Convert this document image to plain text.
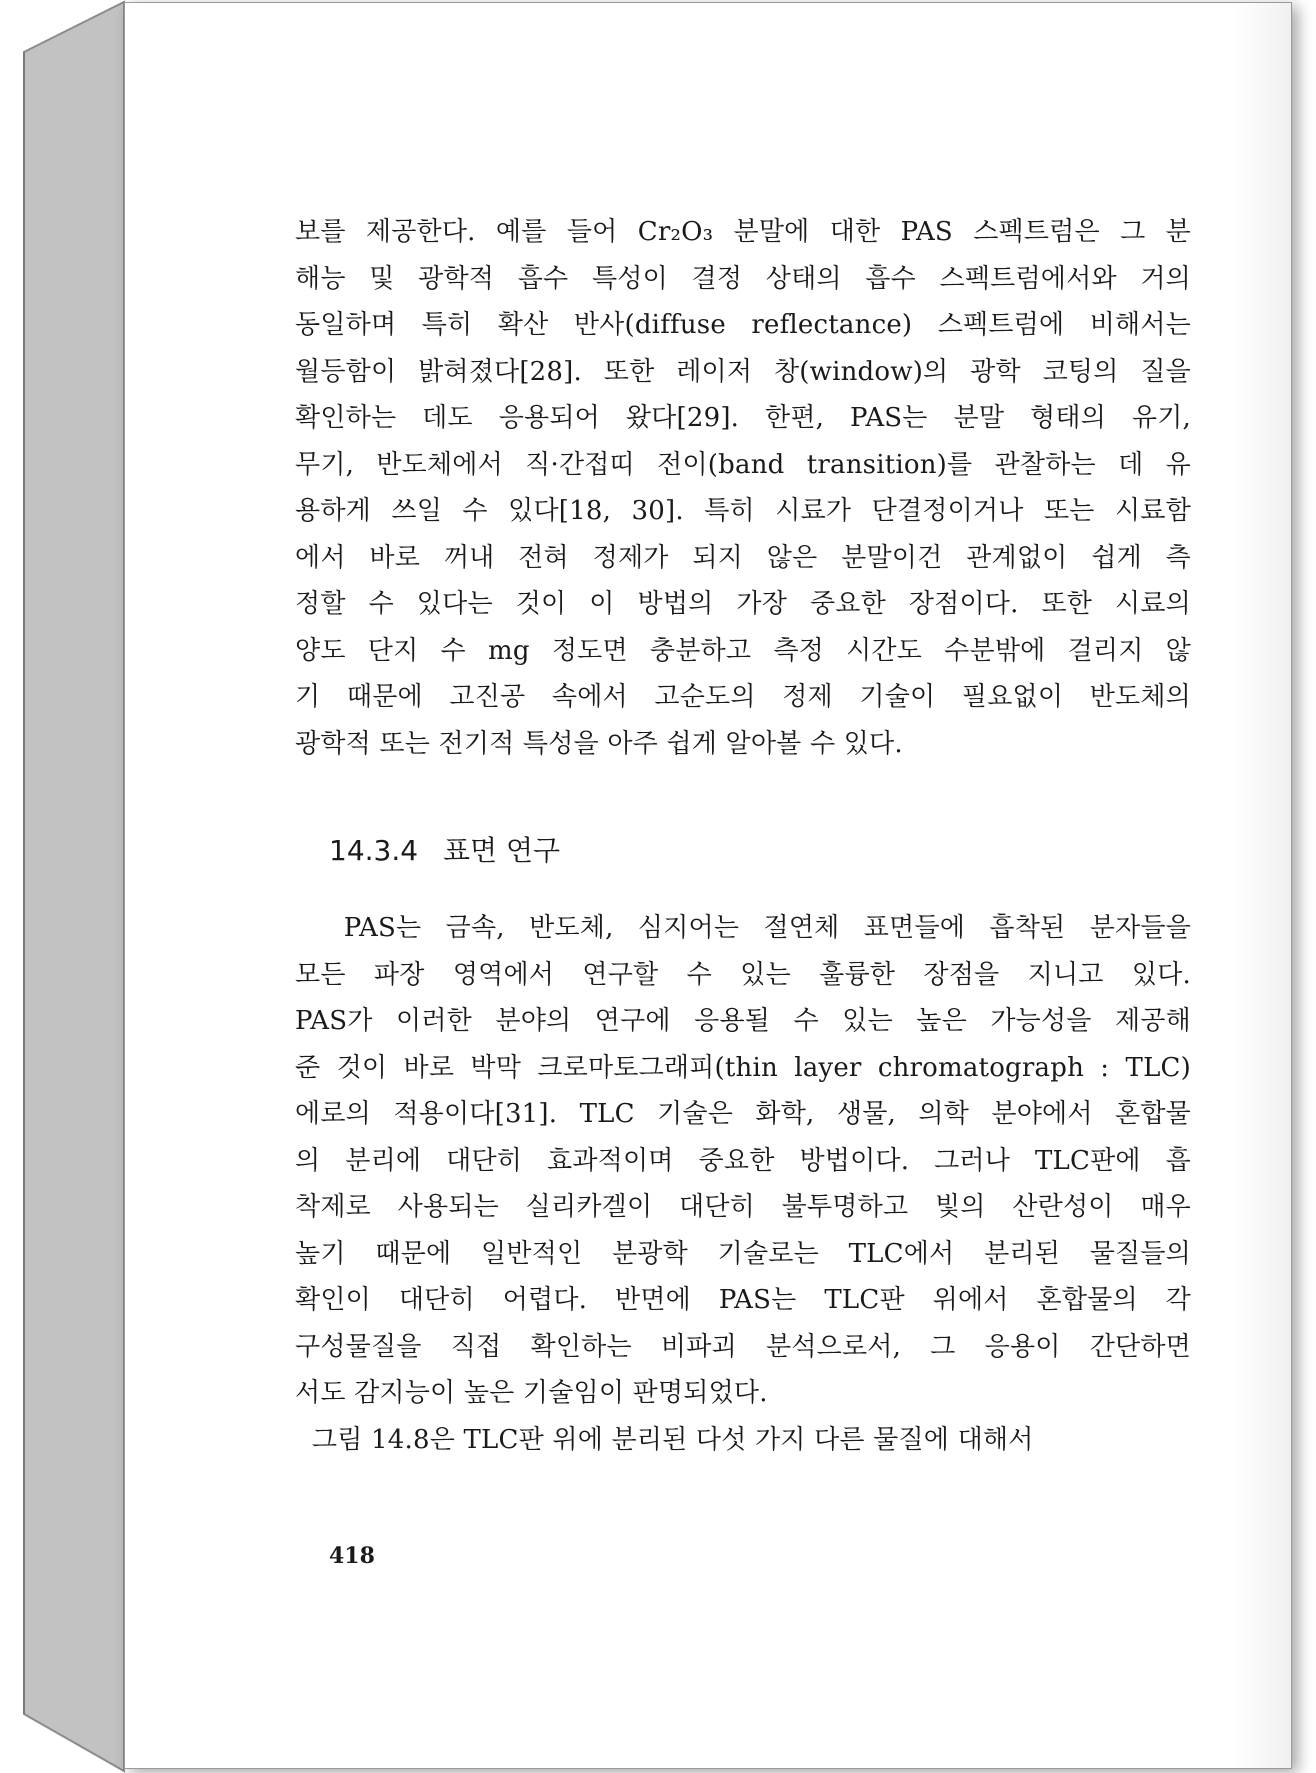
보를 제공한다. 예를 들어 Cr₂O₃ 분말에 대한 PAS 스펙트럼은 그 분
해능 및 광학적 흡수 특성이 결정 상태의 흡수 스펙트럼에서와 거의
동일하며 특히 확산 반사(diffuse reflectance) 스펙트럼에 비해서는
월등함이 밝혀졌다[28]. 또한 레이저 창(window)의 광학 코팅의 질을
확인하는 데도 응용되어 왔다[29]. 한편, PAS는 분말 형태의 유기,
무기, 반도체에서 직·간접띠 전이(band transition)를 관찰하는 데 유
용하게 쓰일 수 있다[18, 30]. 특히 시료가 단결정이거나 또는 시료함
에서 바로 꺼내 전혀 정제가 되지 않은 분말이건 관계없이 쉽게 측
정할 수 있다는 것이 이 방법의 가장 중요한 장점이다. 또한 시료의
양도 단지 수 mg 정도면 충분하고 측정 시간도 수분밖에 걸리지 않
기 때문에 고진공 속에서 고순도의 정제 기술이 필요없이 반도체의
광학적 또는 전기적 특성을 아주 쉽게 알아볼 수 있다.
14.3.4 표면 연구
PAS는 금속, 반도체, 심지어는 절연체 표면들에 흡착된 분자들을
모든 파장 영역에서 연구할 수 있는 훌륭한 장점을 지니고 있다.
PAS가 이러한 분야의 연구에 응용될 수 있는 높은 가능성을 제공해
준 것이 바로 박막 크로마토그래피(thin layer chromatograph : TLC)
에로의 적용이다[31]. TLC 기술은 화학, 생물, 의학 분야에서 혼합물
의 분리에 대단히 효과적이며 중요한 방법이다. 그러나 TLC판에 흡
착제로 사용되는 실리카겔이 대단히 불투명하고 빛의 산란성이 매우
높기 때문에 일반적인 분광학 기술로는 TLC에서 분리된 물질들의
확인이 대단히 어렵다. 반면에 PAS는 TLC판 위에서 혼합물의 각
구성물질을 직접 확인하는 비파괴 분석으로서, 그 응용이 간단하면
서도 감지능이 높은 기술임이 판명되었다.
그림 14.8은 TLC판 위에 분리된 다섯 가지 다른 물질에 대해서
418
